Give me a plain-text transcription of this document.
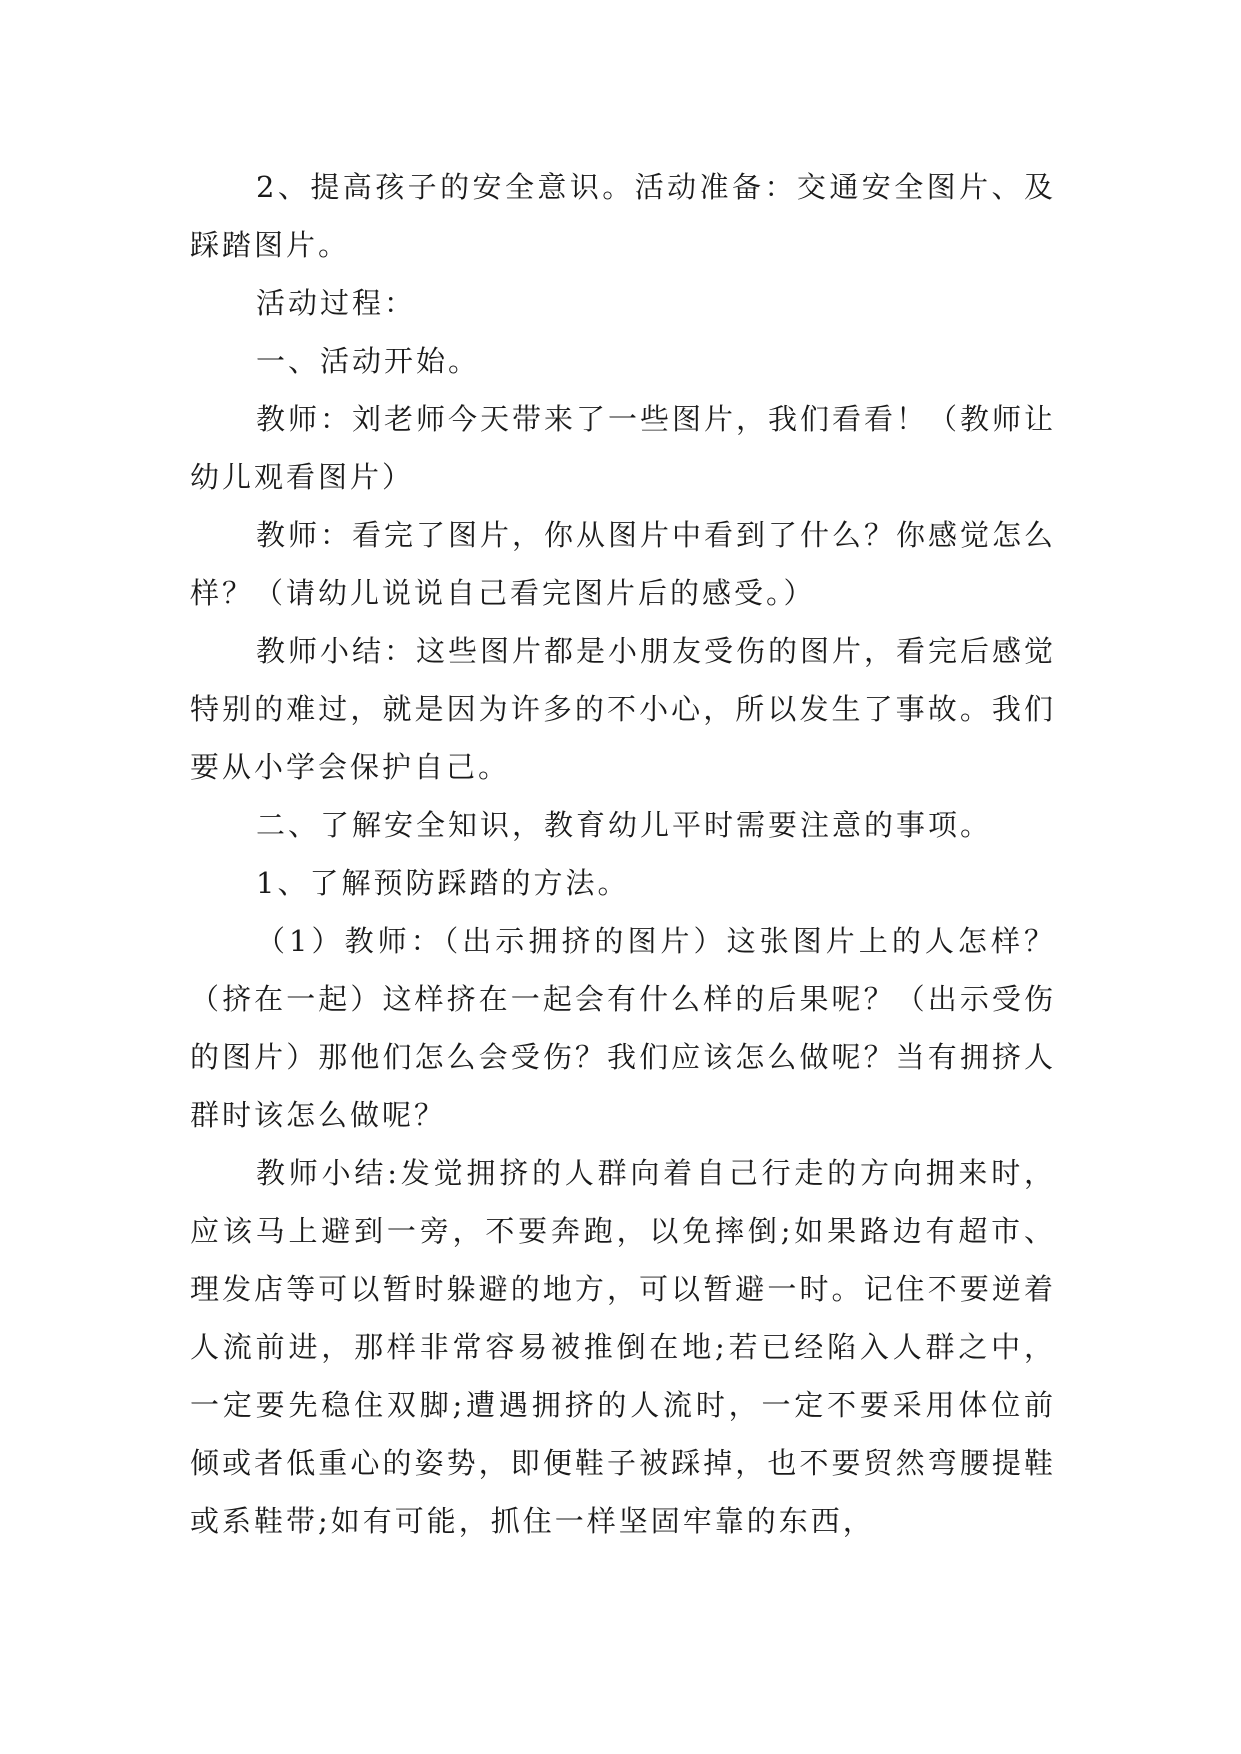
2、提高孩子的安全意识。活动准备：交通安全图片、及踩踏图片。

活动过程：

一、活动开始。

教师：刘老师今天带来了一些图片，我们看看！（教师让幼儿观看图片）

教师：看完了图片，你从图片中看到了什么？你感觉怎么样？（请幼儿说说自己看完图片后的感受。）

教师小结：这些图片都是小朋友受伤的图片，看完后感觉特别的难过，就是因为许多的不小心，所以发生了事故。我们要从小学会保护自己。

二、了解安全知识，教育幼儿平时需要注意的事项。

1、了解预防踩踏的方法。

（1）教师：（出示拥挤的图片）这张图片上的人怎样？（挤在一起）这样挤在一起会有什么样的后果呢？（出示受伤的图片）那他们怎么会受伤？我们应该怎么做呢？当有拥挤人群时该怎么做呢？

教师小结:发觉拥挤的人群向着自己行走的方向拥来时，应该马上避到一旁，不要奔跑，以免摔倒;如果路边有超市、理发店等可以暂时躲避的地方，可以暂避一时。记住不要逆着人流前进，那样非常容易被推倒在地;若已经陷入人群之中，一定要先稳住双脚;遭遇拥挤的人流时，一定不要采用体位前倾或者低重心的姿势，即便鞋子被踩掉，也不要贸然弯腰提鞋或系鞋带;如有可能，抓住一样坚固牢靠的东西，
